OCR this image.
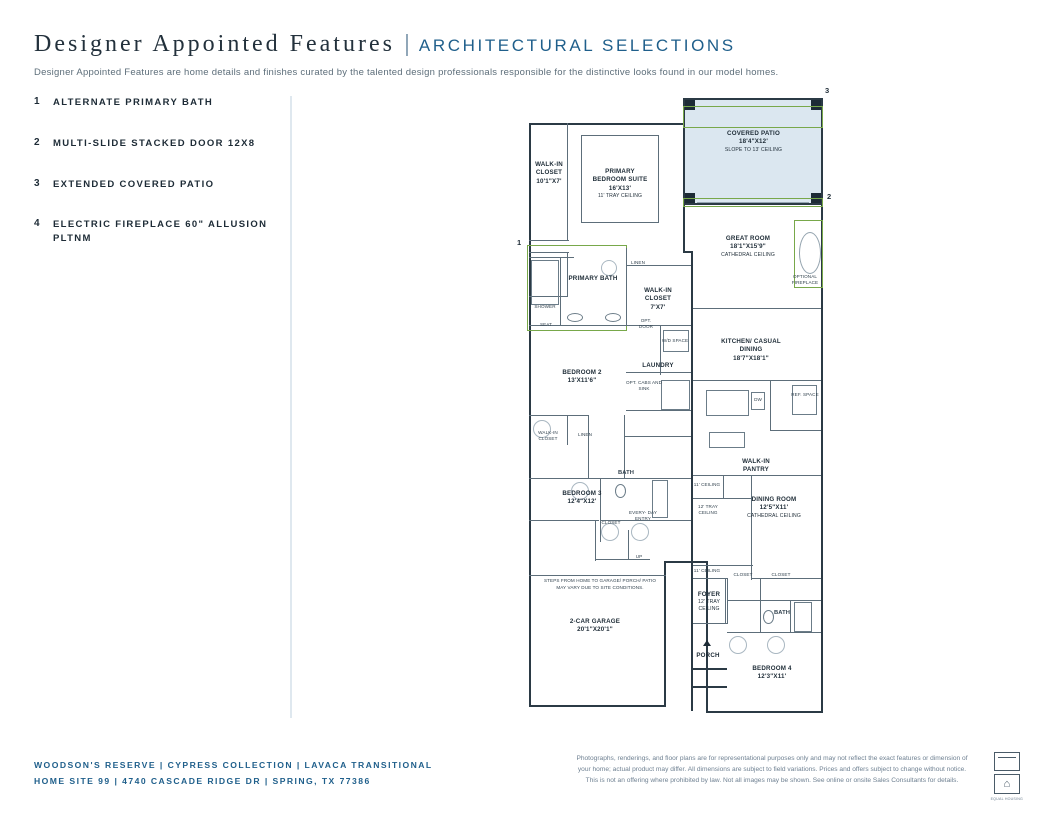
Designer Appointed Features | ARCHITECTURAL SELECTIONS
Designer Appointed Features are home details and finishes curated by the talented design professionals responsible for the distinctive looks found in our model homes.
1	ALTERNATE PRIMARY BATH
2	MULTI-SLIDE STACKED DOOR 12X8
3	EXTENDED COVERED PATIO
4	ELECTRIC FIREPLACE 60" ALLUSION PLTNM
3
2
1
COVERED PATIO
18'4"X12'
SLOPE TO 13' CEILING
WALK-IN CLOSET
10'1"X7'
PRIMARY BEDROOM SUITE
16'X13'
11' TRAY CEILING
GREAT ROOM
18'1"X15'9"
CATHEDRAL CEILING
PRIMARY BATH
WALK-IN CLOSET
7'X7'
KITCHEN/ CASUAL DINING
18'7"X18'1"
LAUNDRY
BEDROOM 2
13'X11'6"
BEDROOM 3
12'4"X12'	DINING ROOM
12'5"X11'
CATHEDRAL CEILING
FOYER
12' TRAY CEILING
2-CAR GARAGE
20'1"X20'1"
BEDROOM 4
12'3"X11'
WALK-IN PANTRY
PORCH
LINEN
SHOWER
SEAT
OPT. DOOR
W/D SPACE
OPT. CABS AND SINK
WALK-IN CLOSET
LINEN
BATH
CLOSET
EVERY- DAY ENTRY
UP
DW
REF. SPACE
OPTIONAL FIREPLACE
11' CEILING
12' TRAY CEILING
11' CEILING
CLOSET	CLOSET
BATH
STEPS FROM HOME TO GARAGE/ PORCH/ PATIO MAY VARY DUE TO SITE CONDITIONS.
WOODSON'S RESERVE | CYPRESS COLLECTION | LAVACA TRANSITIONAL
HOME SITE 99 | 4740 CASCADE RIDGE DR | SPRING, TX 77386
Photographs, renderings, and floor plans are for representational purposes only and may not reflect the exact features or dimension of
your home; actual product may differ. All dimensions are subject to field variations. Prices and offers subject to change without notice.
This is not an offering where prohibited by law. Not all images may be shown. See online or onsite Sales Consultants for details.	⌂
EQUAL HOUSING
